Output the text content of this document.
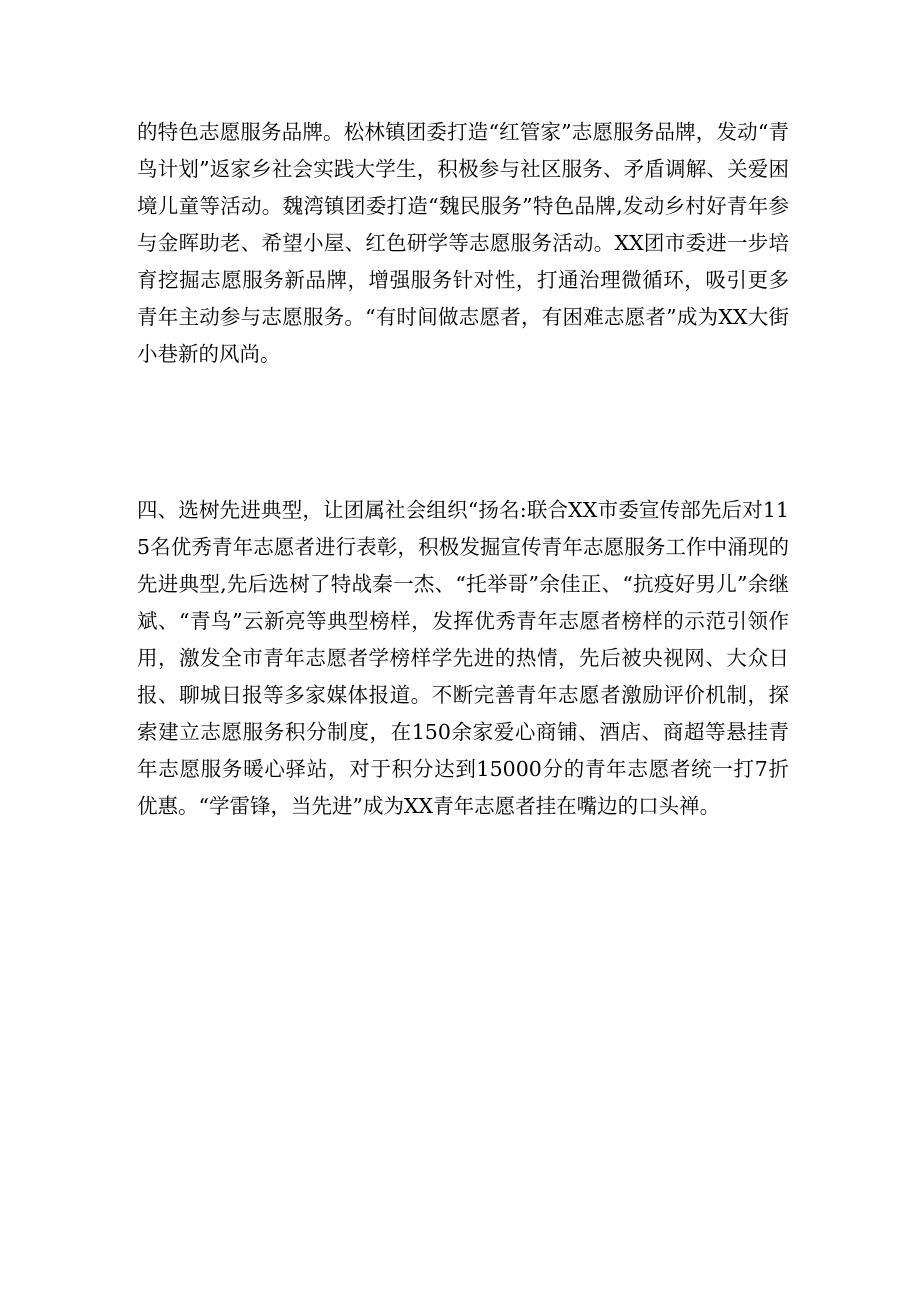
的特色志愿服务品牌。松林镇团委打造“红管家”志愿服务品牌，发动“青鸟计划”返家乡社会实践大学生，积极参与社区服务、矛盾调解、关爱困境儿童等活动。魏湾镇团委打造“魏民服务”特色品牌,发动乡村好青年参与金晖助老、希望小屋、红色研学等志愿服务活动。XX团市委进一步培育挖掘志愿服务新品牌，增强服务针对性，打通治理微循环，吸引更多青年主动参与志愿服务。“有时间做志愿者，有困难志愿者”成为XX大街小巷新的风尚。

四、选树先进典型，让团属社会组织“扬名:联合XX市委宣传部先后对115名优秀青年志愿者进行表彰，积极发掘宣传青年志愿服务工作中涌现的先进典型,先后选树了特战秦一杰、“托举哥”余佳正、“抗疫好男儿”余继斌、“青鸟”云新亮等典型榜样，发挥优秀青年志愿者榜样的示范引领作用，激发全市青年志愿者学榜样学先进的热情，先后被央视网、大众日报、聊城日报等多家媒体报道。不断完善青年志愿者激励评价机制，探索建立志愿服务积分制度，在150余家爱心商铺、酒店、商超等悬挂青年志愿服务暖心驿站，对于积分达到15000分的青年志愿者统一打7折优惠。“学雷锋，当先进”成为XX青年志愿者挂在嘴边的口头禅。
